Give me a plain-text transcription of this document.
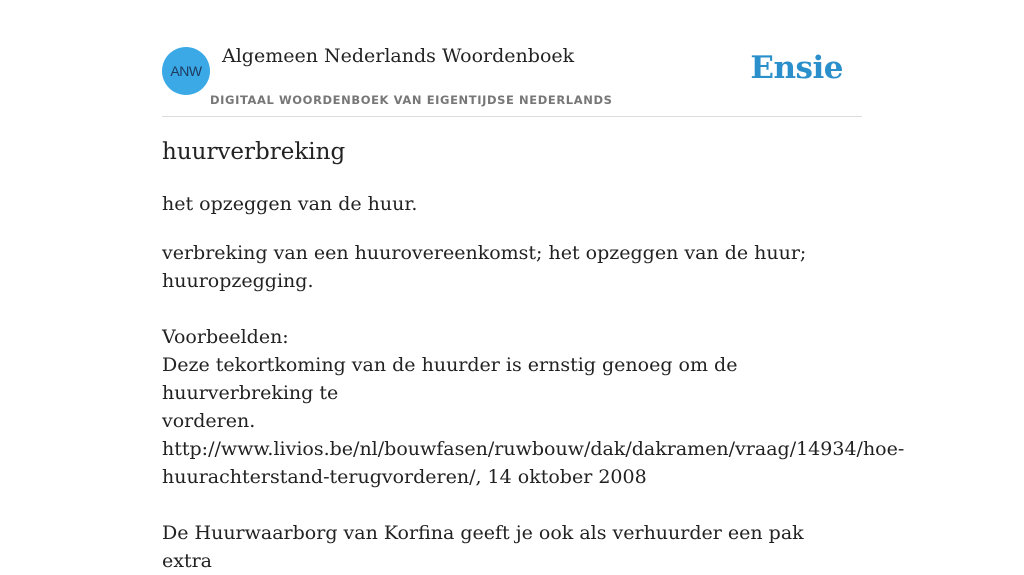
ANW
Algemeen Nederlands Woordenboek
DIGITAAL WOORDENBOEK VAN EIGENTIJDSE NEDERLANDS
Ensie
huurverbreking

het opzeggen van de huur.

verbreking van een huurovereenkomst; het opzeggen van de huur;

huuropzegging.

Voorbeelden:

Deze tekortkoming van de huurder is ernstig genoeg om de huurverbreking te

vorderen.

http://www.livios.be/nl/bouwfasen/ruwbouw/dak/dakramen/vraag/14934/hoe-

huurachterstand-terugvorderen/, 14 oktober 2008

De Huurwaarborg van Korfina geeft je ook als verhuurder een pak extra
